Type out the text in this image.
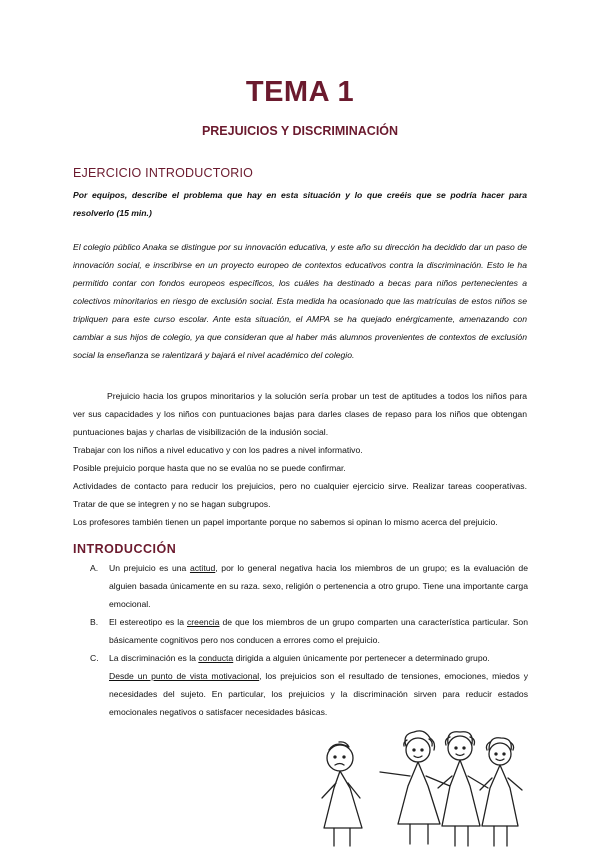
TEMA 1
PREJUICIOS Y DISCRIMINACIÓN
EJERCICIO INTRODUCTORIO
Por equipos, describe el problema que hay en esta situación y lo que creéis que se podría hacer para resolverlo (15 min.)
El colegio público Anaka se distingue por su innovación educativa, y este año su dirección ha decidido dar un paso de innovación social, e inscribirse en un proyecto europeo de contextos educativos contra la discriminación. Esto le ha permitido contar con fondos europeos específicos, los cuáles ha destinado a becas para niños pertenecientes a colectivos minoritarios en riesgo de exclusión social. Esta medida ha ocasionado que las matrículas de estos niños se tripliquen para este curso escolar. Ante esta situación, el AMPA se ha quejado enérgicamente, amenazando con cambiar a sus hijos de colegio, ya que consideran que al haber más alumnos provenientes de contextos de exclusión social la enseñanza se ralentizará y bajará el nivel académico del colegio.
Prejuicio hacia los grupos minoritarios y la solución sería probar un test de aptitudes a todos los niños para ver sus capacidades y los niños con puntuaciones bajas para darles clases de repaso para los niños que obtengan puntuaciones bajas y charlas de visibilización de la indusión social.
Trabajar con los niños a nivel educativo y con los padres a nivel informativo.
Posible prejuicio porque hasta que no se evalúa no se puede confirmar.
Actividades de contacto para reducir los prejuicios, pero no cualquier ejercicio sirve. Realizar tareas cooperativas. Tratar de que se integren y no se hagan subgrupos.
Los profesores también tienen un papel importante porque no sabemos si opinan lo mismo acerca del prejuicio.
INTRODUCCIÓN
A. Un prejuicio es una actitud, por lo general negativa hacia los miembros de un grupo; es la evaluación de alguien basada únicamente en su raza. sexo, religión o pertenencia a otro grupo. Tiene una importante carga emocional.
B. El estereotipo es la creencia de que los miembros de un grupo comparten una característica particular. Son básicamente cognitivos pero nos conducen a errores como el prejuicio.
C. La discriminación es la conducta dirigida a alguien únicamente por pertenecer a determinado grupo.
Desde un punto de vista motivacional, los prejuicios son el resultado de tensiones, emociones, miedos y necesidades del sujeto. En particular, los prejuicios y la discriminación sirven para reducir estados emocionales negativos o satisfacer necesidades básicas.
